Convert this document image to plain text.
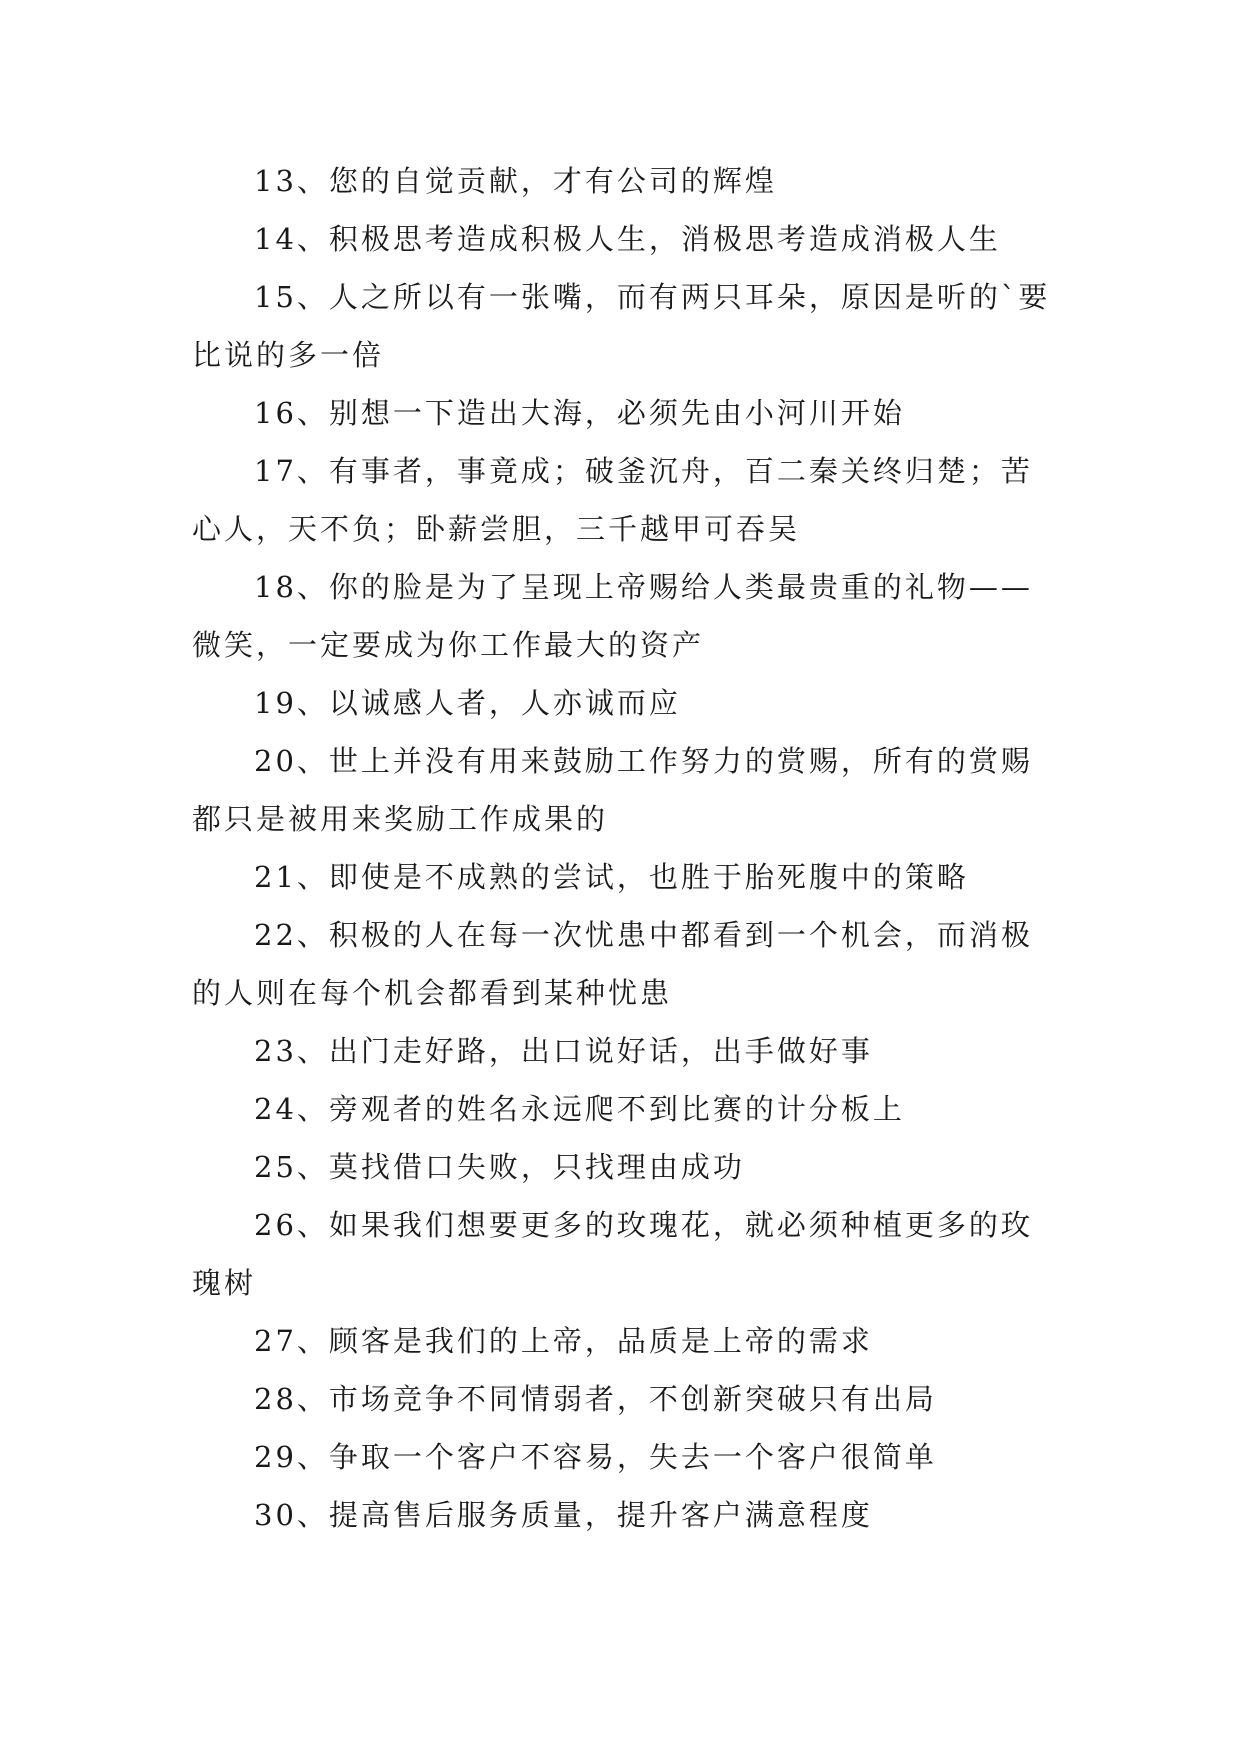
13、您的自觉贡献，才有公司的辉煌

14、积极思考造成积极人生，消极思考造成消极人生

15、人之所以有一张嘴，而有两只耳朵，原因是听的`要比说的多一倍

16、别想一下造出大海，必须先由小河川开始

17、有事者，事竟成；破釜沉舟，百二秦关终归楚；苦心人，天不负；卧薪尝胆，三千越甲可吞吴

18、你的脸是为了呈现上帝赐给人类最贵重的礼物——微笑，一定要成为你工作最大的资产

19、以诚感人者，人亦诚而应

20、世上并没有用来鼓励工作努力的赏赐，所有的赏赐都只是被用来奖励工作成果的

21、即使是不成熟的尝试，也胜于胎死腹中的策略

22、积极的人在每一次忧患中都看到一个机会，而消极的人则在每个机会都看到某种忧患

23、出门走好路，出口说好话，出手做好事

24、旁观者的姓名永远爬不到比赛的计分板上

25、莫找借口失败，只找理由成功

26、如果我们想要更多的玫瑰花，就必须种植更多的玫瑰树

27、顾客是我们的上帝，品质是上帝的需求

28、市场竞争不同情弱者，不创新突破只有出局

29、争取一个客户不容易，失去一个客户很简单

30、提高售后服务质量，提升客户满意程度
